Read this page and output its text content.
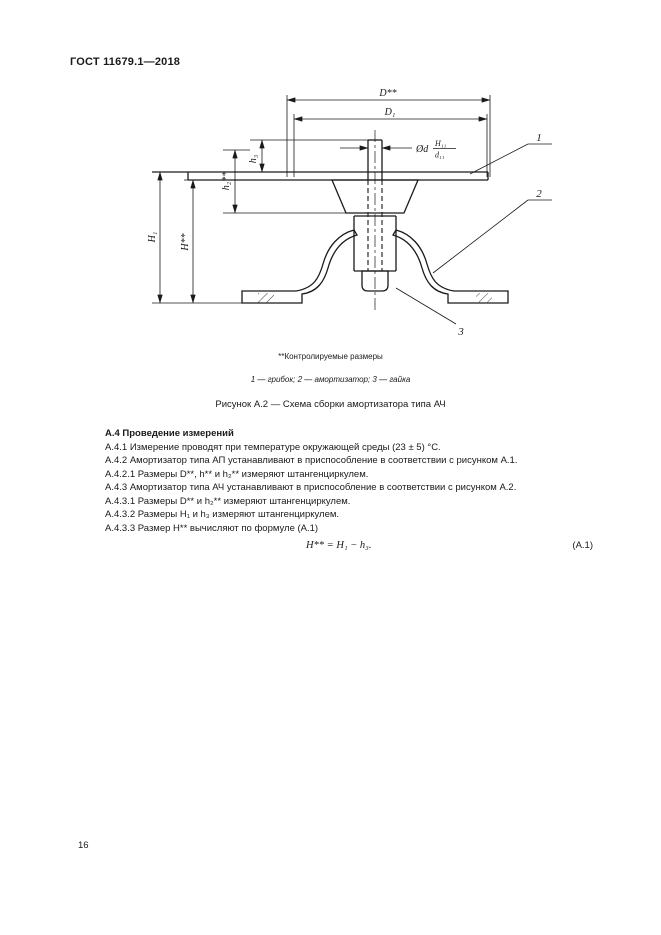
ГОСТ 11679.1—2018
D**
D₁
Ød
H₁₁
d₁₁
h₃
h₂**
H₁ H**
1
2
3
**Контролируемые размеры
1 — грибок; 2 — амортизатор; 3 — гайка
Рисунок А.2 — Схема сборки амортизатора типа АЧ
А.4 Проведение измерений

А.4.1 Измерение проводят при температуре окружающей среды (23 ± 5) °С.

А.4.2 Амортизатор типа АП устанавливают в приспособление в соответствии с рисунком А.1.

А.4.2.1 Размеры D**, h** и h₂** измеряют штангенциркулем.

А.4.3 Амортизатор типа АЧ устанавливают в приспособление в соответствии с рисунком А.2.

А.4.3.1 Размеры D** и h₂** измеряют штангенциркулем.

А.4.3.2 Размеры H₁ и h₃ измеряют штангенциркулем.

А.4.3.3 Размер H** вычисляют по формуле (А.1)

H** = H₁ − h₃.	(А.1)
16
